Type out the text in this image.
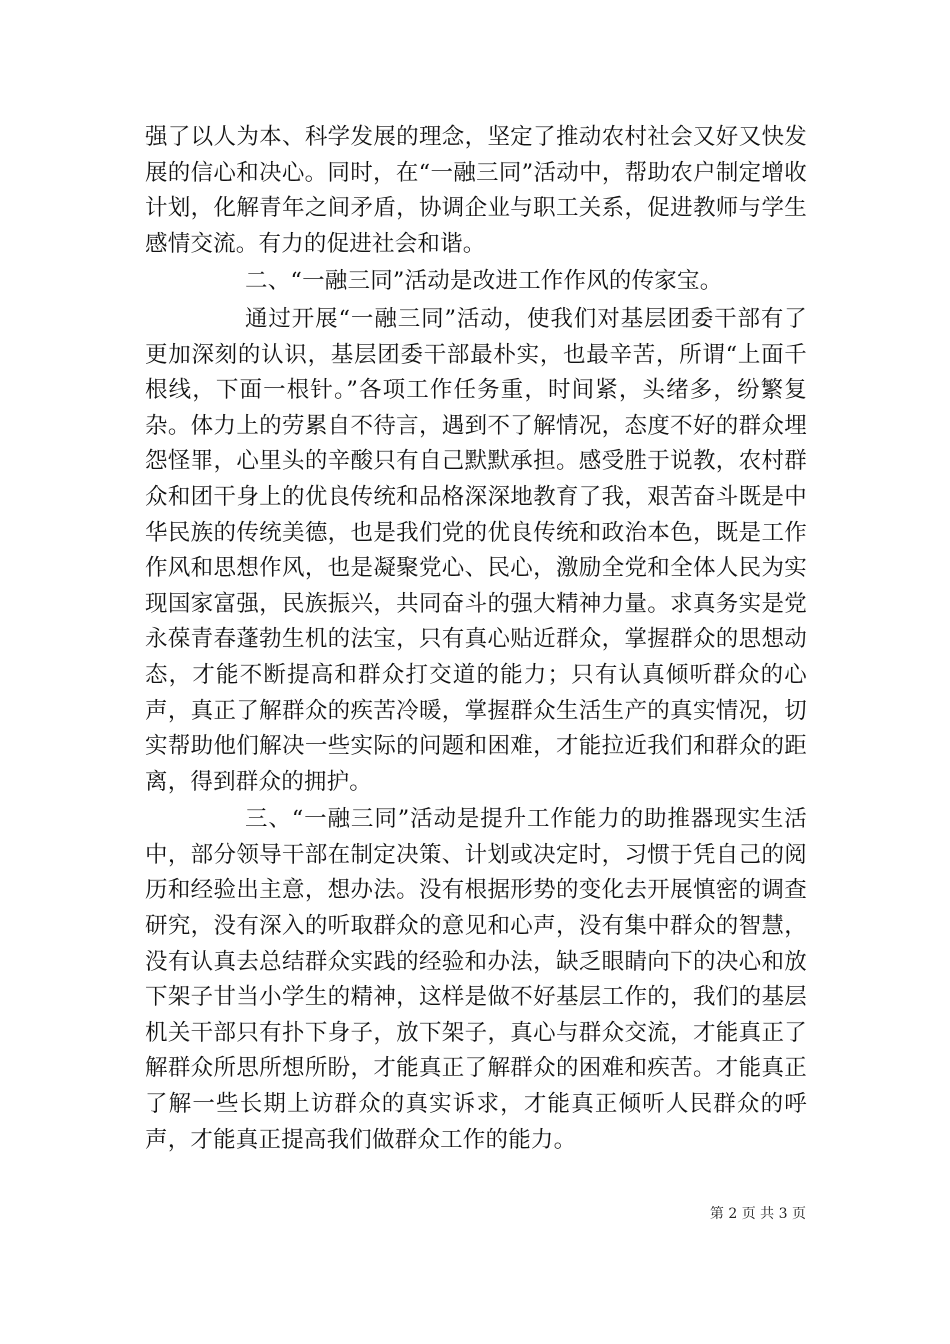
强了以人为本、科学发展的理念，坚定了推动农村社会又好又快发展的信心和决心。同时，在“一融三同”活动中，帮助农户制定增收计划，化解青年之间矛盾，协调企业与职工关系，促进教师与学生感情交流。有力的促进社会和谐。

二、“一融三同”活动是改进工作作风的传家宝。

通过开展“一融三同”活动，使我们对基层团委干部有了更加深刻的认识，基层团委干部最朴实，也最辛苦，所谓“上面千根线，下面一根针。”各项工作任务重，时间紧，头绪多，纷繁复杂。体力上的劳累自不待言，遇到不了解情况，态度不好的群众埋怨怪罪，心里头的辛酸只有自己默默承担。感受胜于说教，农村群众和团干身上的优良传统和品格深深地教育了我，艰苦奋斗既是中华民族的传统美德，也是我们党的优良传统和政治本色，既是工作作风和思想作风，也是凝聚党心、民心，激励全党和全体人民为实现国家富强，民族振兴，共同奋斗的强大精神力量。求真务实是党永葆青春蓬勃生机的法宝，只有真心贴近群众，掌握群众的思想动态，才能不断提高和群众打交道的能力；只有认真倾听群众的心声，真正了解群众的疾苦冷暖，掌握群众生活生产的真实情况，切实帮助他们解决一些实际的问题和困难，才能拉近我们和群众的距离，得到群众的拥护。

三、“一融三同”活动是提升工作能力的助推器现实生活中，部分领导干部在制定决策、计划或决定时，习惯于凭自己的阅历和经验出主意，想办法。没有根据形势的变化去开展慎密的调查研究，没有深入的听取群众的意见和心声，没有集中群众的智慧，没有认真去总结群众实践的经验和办法，缺乏眼睛向下的决心和放下架子甘当小学生的精神，这样是做不好基层工作的，我们的基层机关干部只有扑下身子，放下架子，真心与群众交流，才能真正了解群众所思所想所盼，才能真正了解群众的困难和疾苦。才能真正了解一些长期上访群众的真实诉求，才能真正倾听人民群众的呼声，才能真正提高我们做群众工作的能力。

第 2 页 共 3 页
